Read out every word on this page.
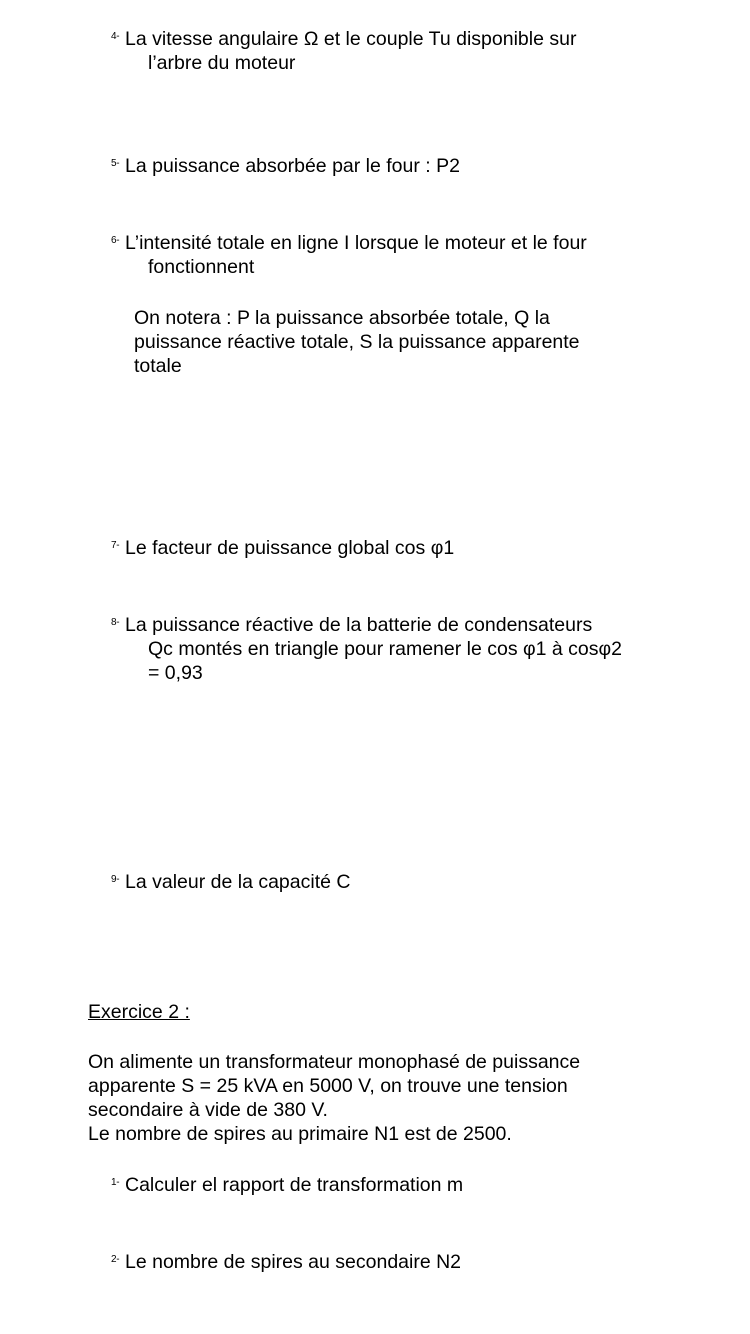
4- La vitesse angulaire Ω et le couple Tu disponible sur
l’arbre du moteur
5- La puissance absorbée par le four : P2
6- L’intensité totale en ligne I lorsque le moteur et le four
fonctionnent
On notera : P la puissance absorbée totale, Q la
puissance réactive totale, S la puissance apparente
totale
7- Le facteur de puissance global cos φ1
8- La puissance réactive de la batterie de condensateurs
Qc montés en triangle pour ramener le cos φ1 à cosφ2
= 0,93
9- La valeur de la capacité C
Exercice 2 :
On alimente un transformateur monophasé de puissance
apparente S = 25 kVA en 5000 V, on trouve une tension
secondaire à vide de 380 V.
Le nombre de spires au primaire N1 est de 2500.
1- Calculer el rapport de transformation m
2- Le nombre de spires au secondaire N2
